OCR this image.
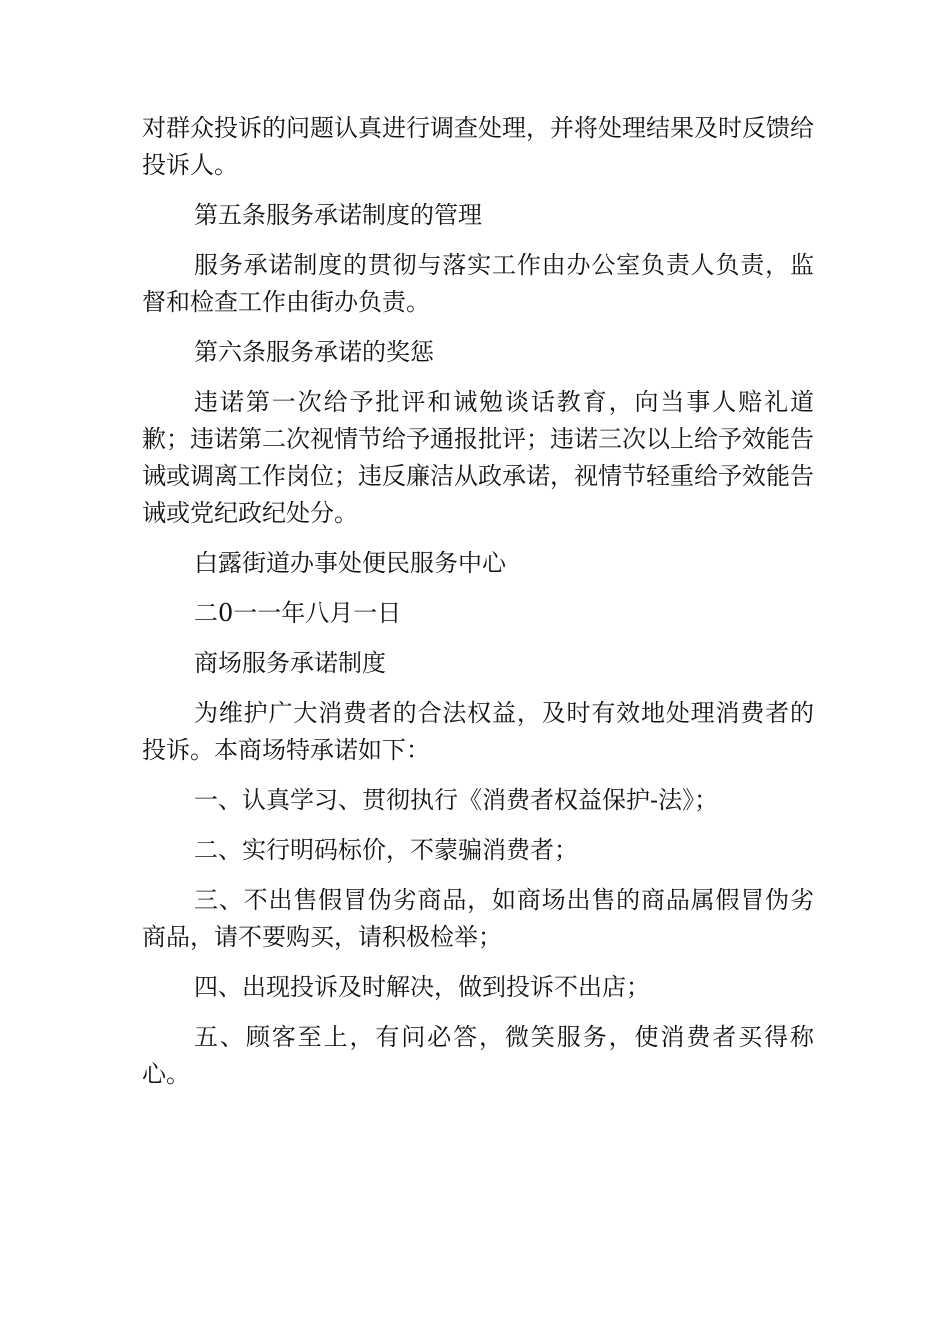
对群众投诉的问题认真进行调查处理，并将处理结果及时反馈给投诉人。

第五条服务承诺制度的管理

服务承诺制度的贯彻与落实工作由办公室负责人负责，监督和检查工作由街办负责。

第六条服务承诺的奖惩

违诺第一次给予批评和诫勉谈话教育，向当事人赔礼道歉；违诺第二次视情节给予通报批评；违诺三次以上给予效能告诫或调离工作岗位；违反廉洁从政承诺，视情节轻重给予效能告诫或党纪政纪处分。

白露街道办事处便民服务中心

二0一一年八月一日

商场服务承诺制度

为维护广大消费者的合法权益，及时有效地处理消费者的投诉。本商场特承诺如下：

一、认真学习、贯彻执行《消费者权益保护-法》；

二、实行明码标价，不蒙骗消费者；

三、不出售假冒伪劣商品，如商场出售的商品属假冒伪劣商品，请不要购买，请积极检举；

四、出现投诉及时解决，做到投诉不出店；

五、顾客至上，有问必答，微笑服务，使消费者买得称心。
